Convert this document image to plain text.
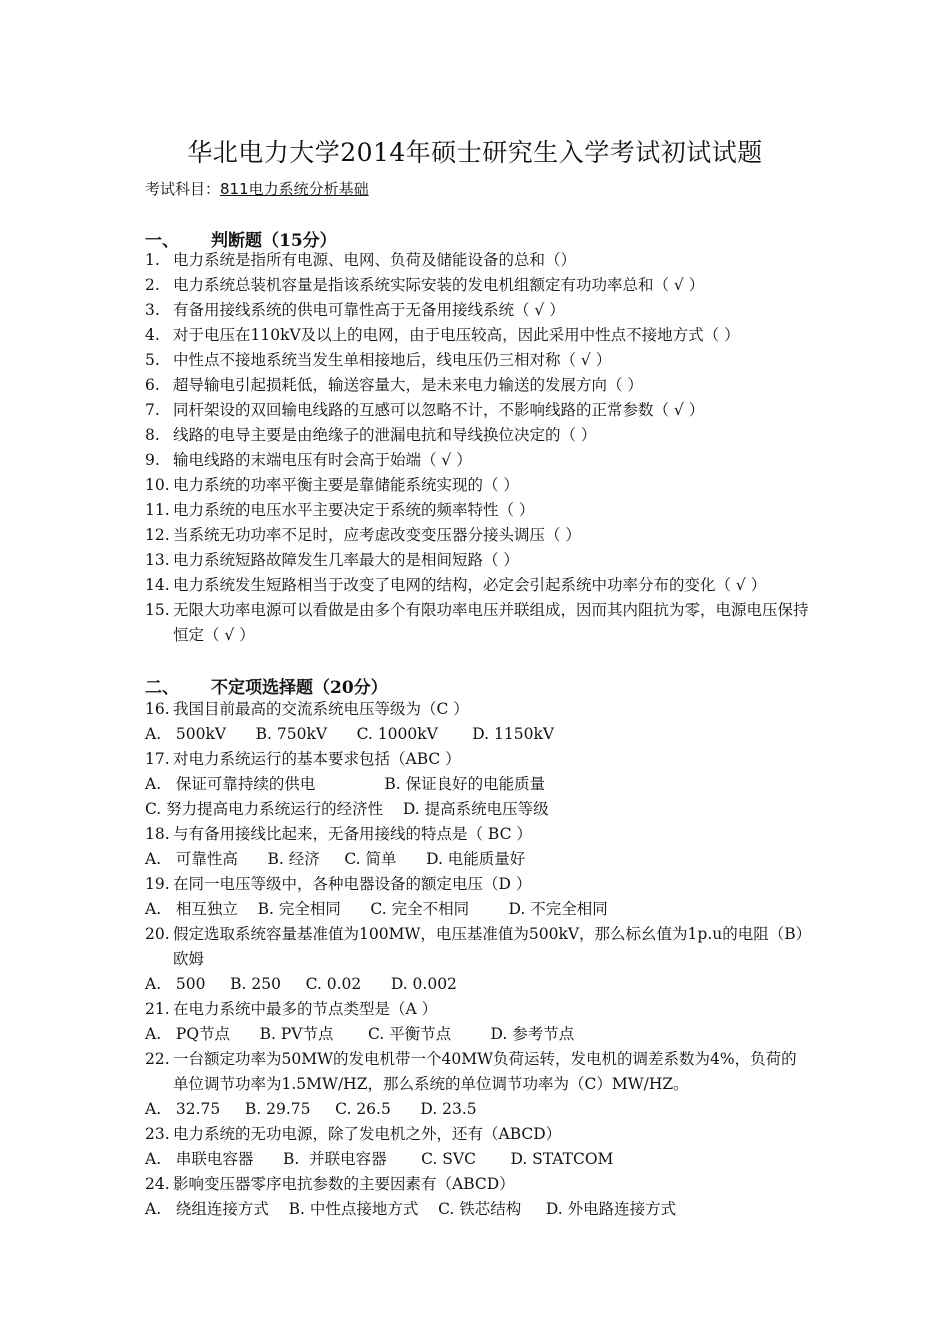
华北电力大学2014年硕士研究生入学考试初试试题
考试科目：811电力系统分析基础
一、 判断题（15分）
1. 电力系统是指所有电源、电网、负荷及储能设备的总和（）
2. 电力系统总装机容量是指该系统实际安装的发电机组额定有功功率总和（ √ ）
3. 有备用接线系统的供电可靠性高于无备用接线系统（ √ ）
4. 对于电压在110kV及以上的电网，由于电压较高，因此采用中性点不接地方式（ ）
5. 中性点不接地系统当发生单相接地后，线电压仍三相对称（ √ ）
6. 超导输电引起损耗低，输送容量大，是未来电力输送的发展方向（ ）
7. 同杆架设的双回输电线路的互感可以忽略不计，不影响线路的正常参数（ √ ）
8. 线路的电导主要是由绝缘子的泄漏电抗和导线换位决定的（ ）
9. 输电线路的末端电压有时会高于始端（ √ ）
10. 电力系统的功率平衡主要是靠储能系统实现的（ ）
11. 电力系统的电压水平主要决定于系统的频率特性（ ）
12. 当系统无功功率不足时，应考虑改变变压器分接头调压（ ）
13. 电力系统短路故障发生几率最大的是相间短路（ ）
14. 电力系统发生短路相当于改变了电网的结构，必定会引起系统中功率分布的变化（ √ ）
15. 无限大功率电源可以看做是由多个有限功率电压并联组成，因而其内阻抗为零，电源电压保持恒定（ √ ）
二、 不定项选择题（20分）
16. 我国目前最高的交流系统电压等级为（C ）
A.   500kV      B. 750kV      C. 1000kV       D. 1150kV
17. 对电力系统运行的基本要求包括（ABC ）
A.   保证可靠持续的供电              B. 保证良好的电能质量
C. 努力提高电力系统运行的经济性    D. 提高系统电压等级
18. 与有备用接线比起来，无备用接线的特点是（ BC ）
A.   可靠性高      B. 经济     C. 简单      D. 电能质量好
19. 在同一电压等级中，各种电器设备的额定电压（D ）
A.   相互独立    B. 完全相同      C. 完全不相同        D. 不完全相同
20. 假定选取系统容量基准值为100MW，电压基准值为500kV，那么标幺值为1p.u的电阻（B）欧姆
A.   500     B. 250     C. 0.02      D. 0.002
21. 在电力系统中最多的节点类型是（A ）
A.   PQ节点      B. PV节点       C. 平衡节点        D. 参考节点
22. 一台额定功率为50MW的发电机带一个40MW负荷运转，发电机的调差系数为4%，负荷的单位调节功率为1.5MW/HZ，那么系统的单位调节功率为（C）MW/HZ。
A.   32.75     B. 29.75     C. 26.5      D. 23.5
23. 电力系统的无功电源，除了发电机之外，还有（ABCD）
A.   串联电容器      B.  并联电容器       C. SVC       D. STATCOM
24. 影响变压器零序电抗参数的主要因素有（ABCD）
A.   绕组连接方式    B. 中性点接地方式    C. 铁芯结构     D. 外电路连接方式
